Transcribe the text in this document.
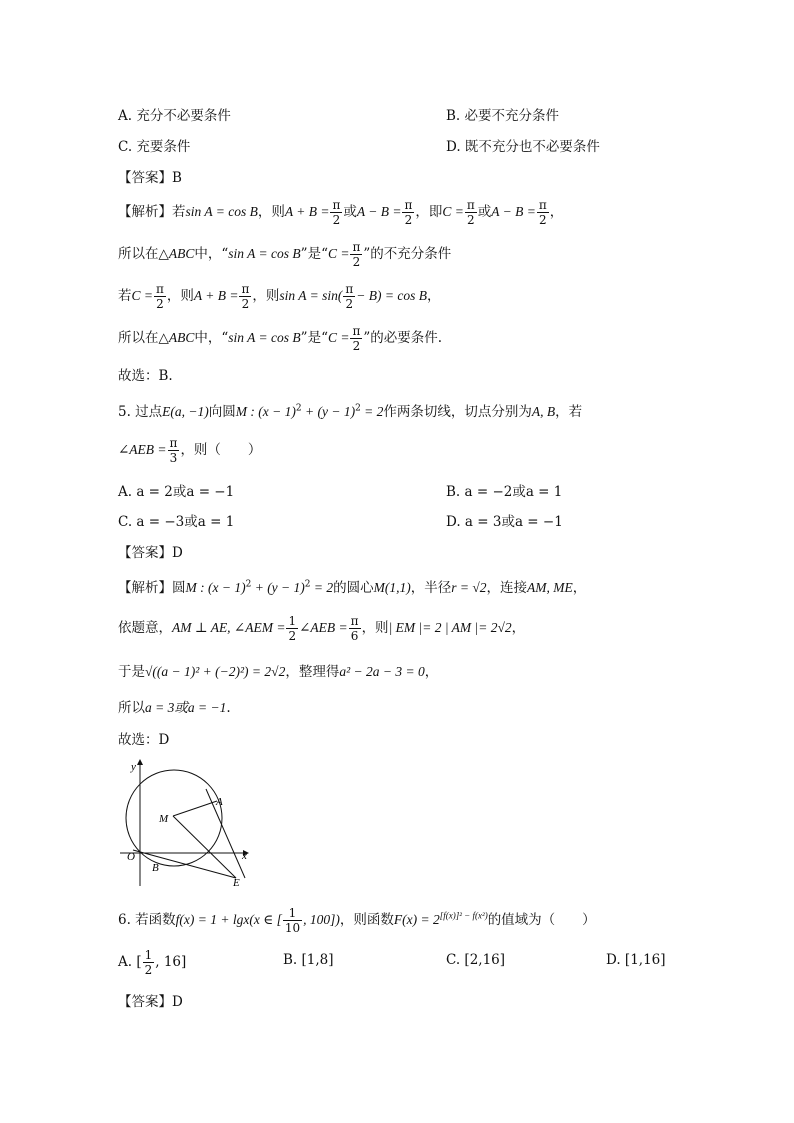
A. 充分不必要条件	B. 必要不充分条件
C. 充要条件	D. 既不充分也不必要条件
【答案】B
【解析】若sin A = cos B，则$A + B = \frac{\pi}{2}$ 或$A - B = \frac{\pi}{2}$ ，即$C = \frac{\pi}{2}$ 或$A - B = \frac{\pi}{2}$ ，
所以在△ABC中，“sin A = cos B”是“$C = \frac{\pi}{2}$ ”的不充分条件
若$C = \frac{\pi}{2}$ ，则$A + B = \frac{\pi}{2}$ ，则$\sin A = \sin( \frac{\pi}{2} - B) = \cos B$，
所以在△ABC中，“sin A = cos B”是“$C = \frac{\pi}{2}$ ”的必要条件.
故选：B.
5. 过点E(a, −1)向圆M : $(x - 1)^2 + (y - 1)^2 = 2$作两条切线，切点分别为A, B，若
∠AEB = $\frac{\pi}{3}$ ，则（　　）
A. a = 2或a = −1	B. a = −2或a = 1
C. a = −3或a = 1	D. a = 3或a = −1
【答案】D
【解析】圆M : $(x - 1)^2 + (y - 1)^2 = 2$的圆心M(1,1)，半径r = √2，连接AM, ME，
依题意，AM ⊥ AE, ∠AEM = $\frac{1}{2}$ ∠AEB = $\frac{\pi}{6}$ ，则| EM |= 2 | AM |= 2√2，
于是√((a − 1)² + (−2)²) = 2√2，整理得a² − 2a − 3 = 0，
所以a = 3或a = −1.
故选：D
y
x
O
M
A
B
E
6. 若函数f(x) = 1 + lgx(x ∈ [ $\frac{1}{10}$ , 100])，则函数$F(x) = 2^{[f(x)]^2 - f(x^2)}$的值域为（　　）
A. [ $\frac{1}{2}$ , 16]	B. [1,8]	C. [2,16]	D. [1,16]
【答案】D
